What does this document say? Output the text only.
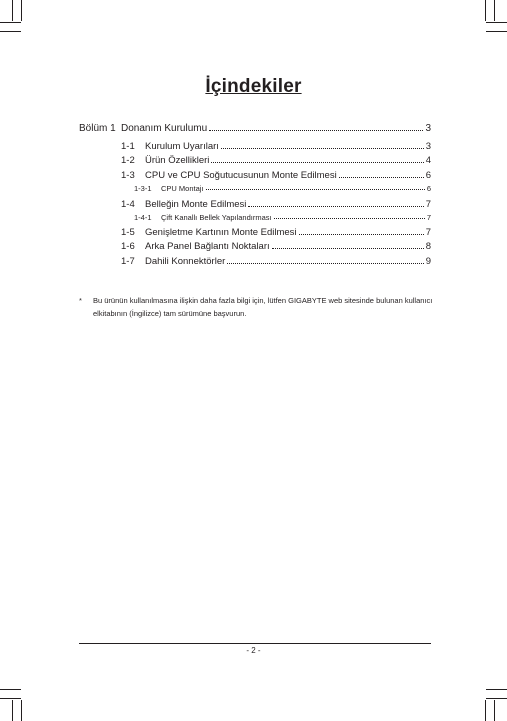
İçindekiler
Bölüm 1 Donanım Kurulumu	3
1-1	Kurulum Uyarıları	3
1-2	Ürün Özellikleri	4
1-3	CPU ve CPU Soğutucusunun Monte Edilmesi	6
1-3-1	CPU Montajı	6
1-4	Belleğin Monte Edilmesi	7
1-4-1	Çift Kanallı Bellek Yapılandırması	7
1-5	Genişletme Kartının Monte Edilmesi	7
1-6	Arka Panel Bağlantı Noktaları	8
1-7	Dahili Konnektörler	9
* Bu ürünün kullanılmasına ilişkin daha fazla bilgi için, lütfen GIGABYTE web sitesinde bulunan kullanıcı elkitabının (İngilizce) tam sürümüne başvurun.
- 2 -
